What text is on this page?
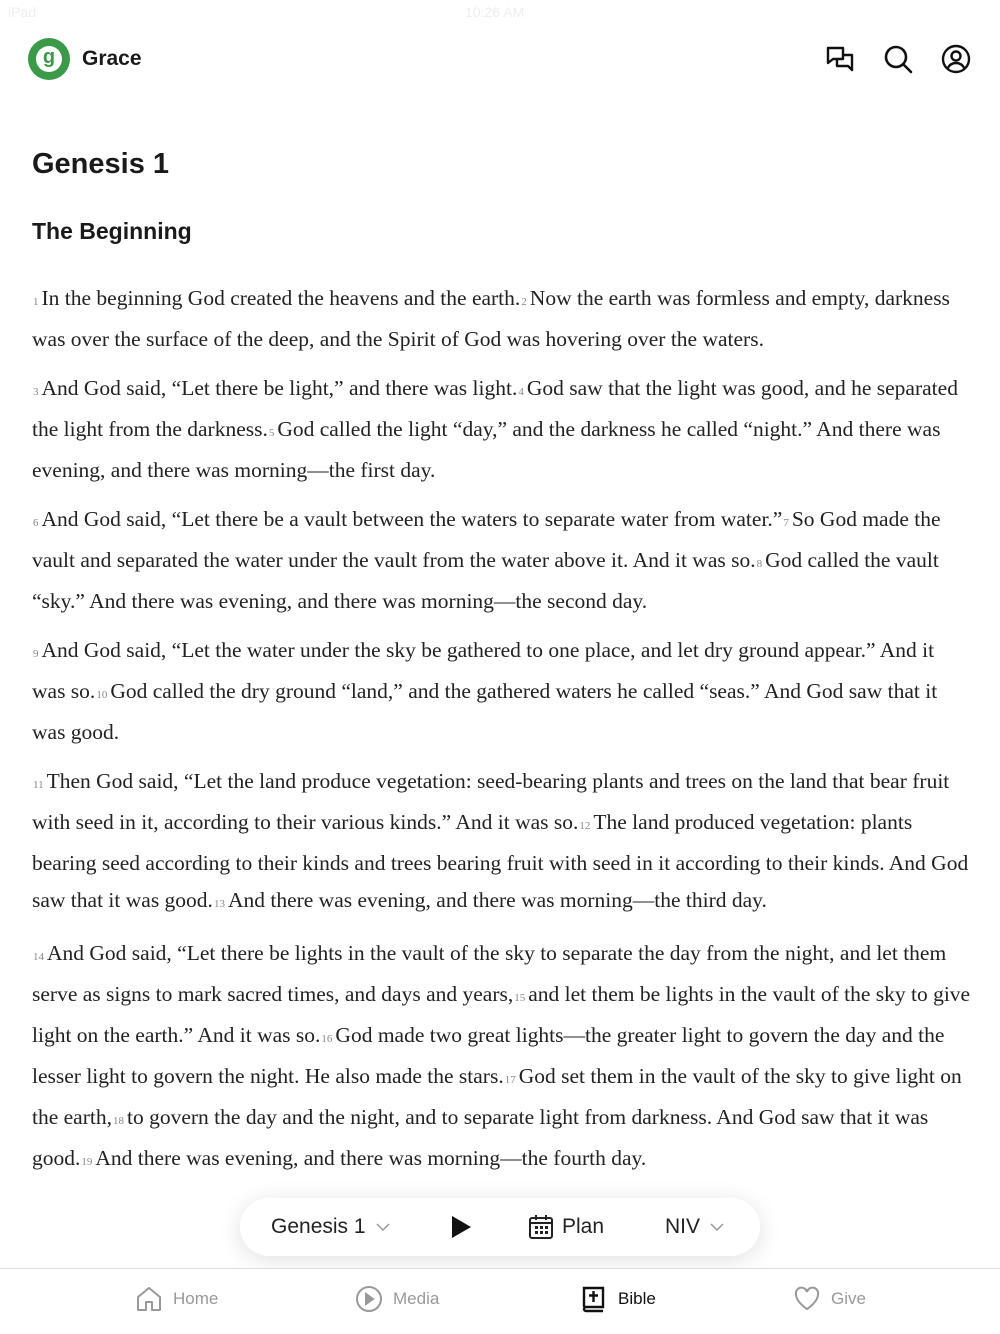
iPad	10:26 AM
Genesis 1
The Beginning

1 In the beginning God created the heavens and the earth.2 Now the earth was formless and empty, darkness was over the surface of the deep, and the Spirit of God was hovering over the waters.

3 And God said, “Let there be light,” and there was light.4 God saw that the light was good, and he separated the light from the darkness.5 God called the light “day,” and the darkness he called “night.” And there was evening, and there was morning—the first day.

6 And God said, “Let there be a vault between the waters to separate water from water.”7 So God made the vault and separated the water under the vault from the water above it. And it was so.8 God called the vault “sky.” And there was evening, and there was morning—the second day.

9 And God said, “Let the water under the sky be gathered to one place, and let dry ground appear.” And it was so.10 God called the dry ground “land,” and the gathered waters he called “seas.” And God saw that it was good.

11 Then God said, “Let the land produce vegetation: seed-bearing plants and trees on the land that bear fruit with seed in it, according to their various kinds.” And it was so.12 The land produced vegetation: plants bearing seed according to their kinds and trees bearing fruit with seed in it according to their kinds. And God saw that it was good.13 And there was evening, and there was morning—the third day.

14 And God said, “Let there be lights in the vault of the sky to separate the day from the night, and let them serve as signs to mark sacred times, and days and years,15 and let them be lights in the vault of the sky to give light on the earth.” And it was so.16 God made two great lights—the greater light to govern the day and the lesser light to govern the night. He also made the stars.17 God set them in the vault of the sky to give light on the earth,18 to govern the day and the night, and to separate light from darkness. And God saw that it was good.19 And there was evening, and there was morning—the fourth day.

g	Grace
Genesis 1	Plan	NIV
Home	Media	Bible	Give
